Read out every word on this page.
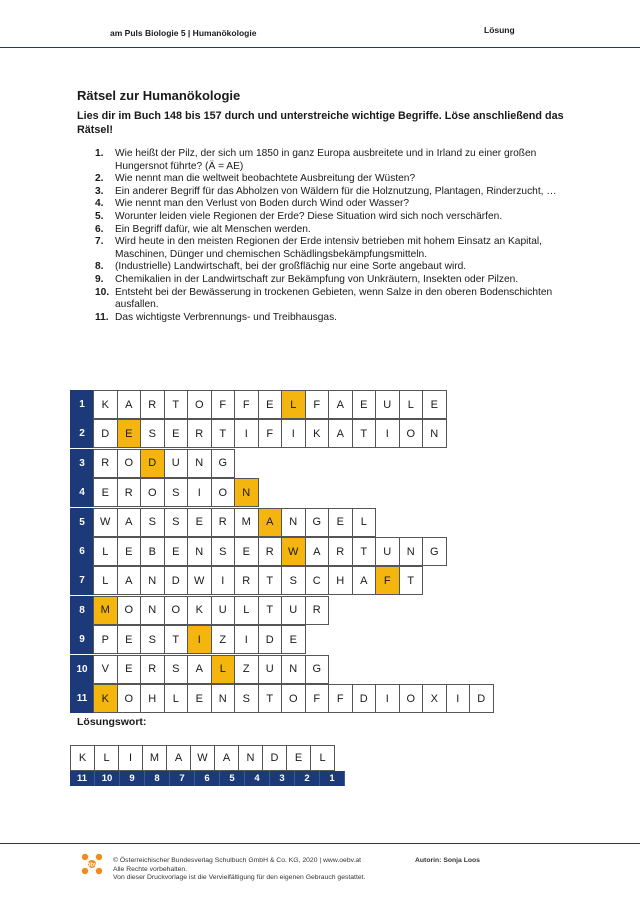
am Puls Biologie 5 | Humanökologie	Lösung
Rätsel zur Humanökologie

Lies dir im Buch 148 bis 157 durch und unterstreiche wichtige Begriffe. Löse anschließend das Rätsel!

1.	Wie heißt der Pilz, der sich um 1850 in ganz Europa ausbreitete und in Irland zu einer großen Hungersnot führte? (Ä = AE)
2.	Wie nennt man die weltweit beobachtete Ausbreitung der Wüsten?
3.	Ein anderer Begriff für das Abholzen von Wäldern für die Holznutzung, Plantagen, Rinderzucht, …
4.	Wie nennt man den Verlust von Boden durch Wind oder Wasser?
5.	Worunter leiden viele Regionen der Erde? Diese Situation wird sich noch verschärfen.
6.	Ein Begriff dafür, wie alt Menschen werden.
7.	Wird heute in den meisten Regionen der Erde intensiv betrieben mit hohem Einsatz an Kapital, Maschinen, Dünger und chemischen Schädlingsbekämpfungsmitteln.
8.	(Industrielle) Landwirtschaft, bei der großflächig nur eine Sorte angebaut wird.
9.	Chemikalien in der Landwirtschaft zur Bekämpfung von Unkräutern, Insekten oder Pilzen.
10. Entsteht bei der Bewässerung in trockenen Gebieten, wenn Salze in den oberen Bodenschichten ausfallen.
11. Das wichtigste Verbrennungs- und Treibhausgas.
1	K	A	R	T	O	F	F	E	L	F	A	E	U	L	E
2	D	E	S	E	R	T	I	F	I	K	A	T	I	O	N
3	R	O	D	U	N	G
4	E	R	O	S	I	O	N
5	W	A	S	S	E	R	M	A	N	G	E	L
6	L	E	B	E	N	S	E	R	W	A	R	T	U	N	G
7	L	A	N	D	W	I	R	T	S	C	H	A	F	T
8	M	O	N	O	K	U	L	T	U	R
9	P	E	S	T	I	Z	I	D	E
10	V	E	R	S	A	L	Z	U	N	G
11	K	O	H	L	E	N	S	T	O	F	F	D	I	O	X	I	D
Lösungswort:
K	L	I	M	A	W	A	N	D	E	L
11	10	9	8	7	6	5	4	3	2	1
öbv
© Österreichischer Bundesverlag Schulbuch GmbH & Co. KG, 2020 | www.oebv.at
Alle Rechte vorbehalten.
Von dieser Druckvorlage ist die Vervielfältigung für den eigenen Gebrauch gestattet.
Autorin: Sonja Loos
